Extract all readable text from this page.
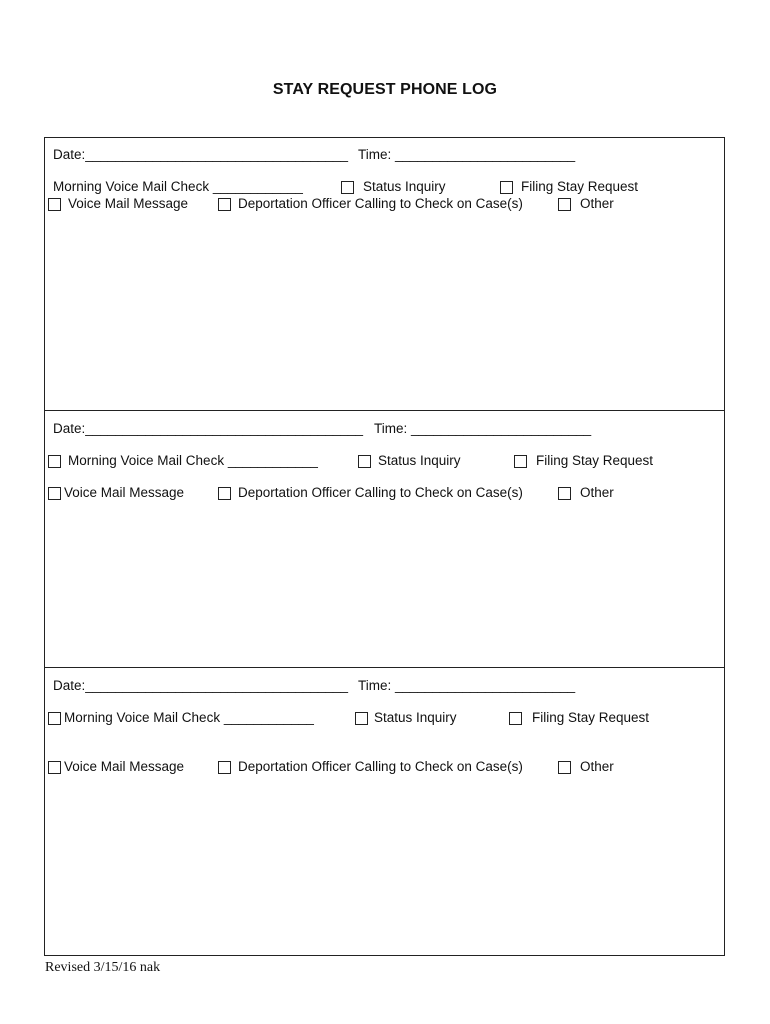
STAY REQUEST PHONE LOG
Date:___________________________________ Time: ________________________
Morning Voice Mail Check ____________	Status Inquiry	Filing Stay Request
Voice Mail Message	Deportation Officer Calling to Check on Case(s)	Other
Date:_____________________________________ Time: ________________________
Morning Voice Mail Check ____________	Status Inquiry	Filing Stay Request
Voice Mail Message	Deportation Officer Calling to Check on Case(s)	Other
Date:___________________________________ Time: ________________________
Morning Voice Mail Check ____________	Status Inquiry	Filing Stay Request
Voice Mail Message	Deportation Officer Calling to Check on Case(s)	Other
Revised 3/15/16 nak
